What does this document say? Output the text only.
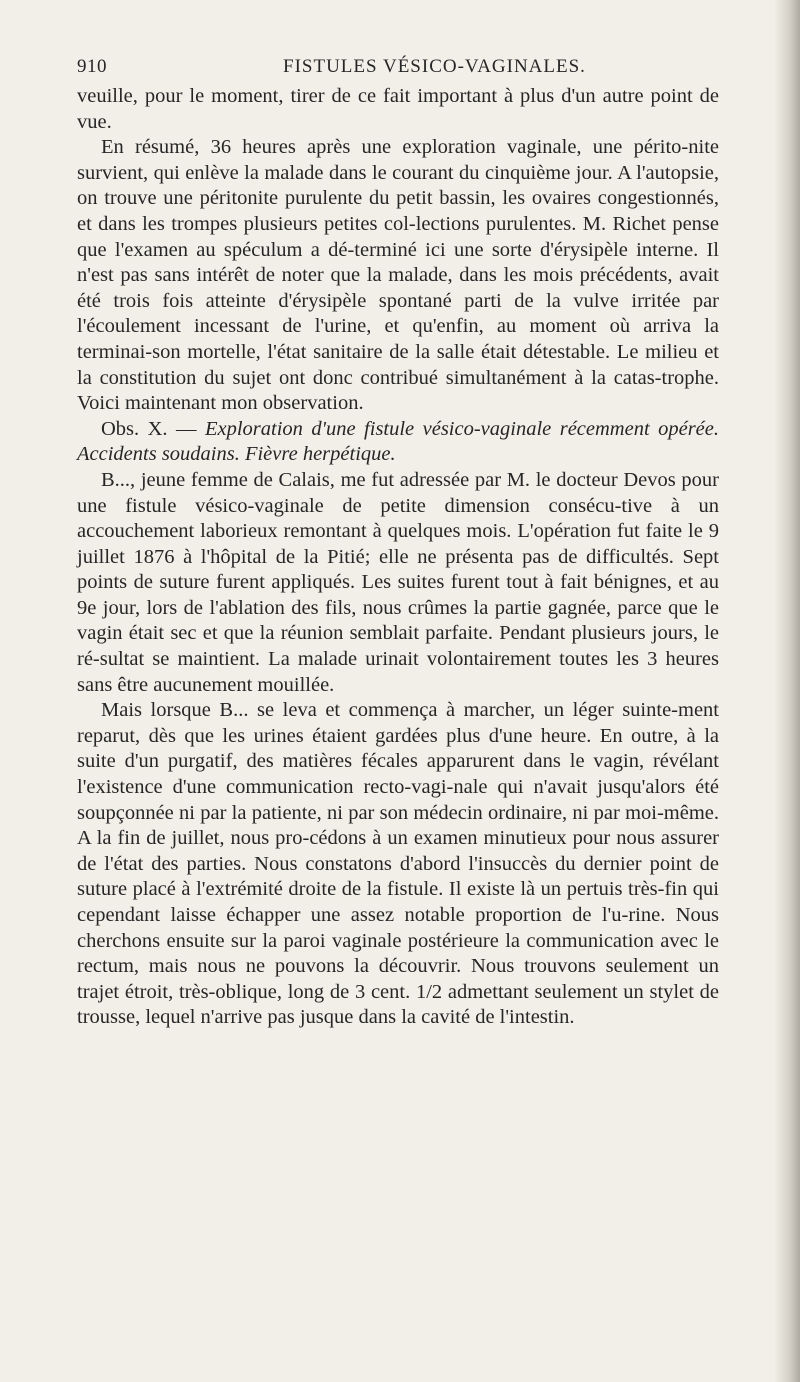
910	FISTULES VÉSICO-VAGINALES.

veuille, pour le moment, tirer de ce fait important à plus d'un autre point de vue.

En résumé, 36 heures après une exploration vaginale, une périto-nite survient, qui enlève la malade dans le courant du cinquième jour. A l'autopsie, on trouve une péritonite purulente du petit bassin, les ovaires congestionnés, et dans les trompes plusieurs petites col-lections purulentes. M. Richet pense que l'examen au spéculum a dé-terminé ici une sorte d'érysipèle interne. Il n'est pas sans intérêt de noter que la malade, dans les mois précédents, avait été trois fois atteinte d'érysipèle spontané parti de la vulve irritée par l'écoulement incessant de l'urine, et qu'enfin, au moment où arriva la terminai-son mortelle, l'état sanitaire de la salle était détestable. Le milieu et la constitution du sujet ont donc contribué simultanément à la catas-trophe. Voici maintenant mon observation.

Obs. X. — Exploration d'une fistule vésico-vaginale récemment opérée. Accidents soudains. Fièvre herpétique.

B..., jeune femme de Calais, me fut adressée par M. le docteur Devos pour une fistule vésico-vaginale de petite dimension consécu-tive à un accouchement laborieux remontant à quelques mois. L'opération fut faite le 9 juillet 1876 à l'hôpital de la Pitié; elle ne présenta pas de difficultés. Sept points de suture furent appliqués. Les suites furent tout à fait bénignes, et au 9e jour, lors de l'ablation des fils, nous crûmes la partie gagnée, parce que le vagin était sec et que la réunion semblait parfaite. Pendant plusieurs jours, le ré-sultat se maintient. La malade urinait volontairement toutes les 3 heures sans être aucunement mouillée.

Mais lorsque B... se leva et commença à marcher, un léger suinte-ment reparut, dès que les urines étaient gardées plus d'une heure. En outre, à la suite d'un purgatif, des matières fécales apparurent dans le vagin, révélant l'existence d'une communication recto-vagi-nale qui n'avait jusqu'alors été soupçonnée ni par la patiente, ni par son médecin ordinaire, ni par moi-même. A la fin de juillet, nous pro-cédons à un examen minutieux pour nous assurer de l'état des parties. Nous constatons d'abord l'insuccès du dernier point de suture placé à l'extrémité droite de la fistule. Il existe là un pertuis très-fin qui cependant laisse échapper une assez notable proportion de l'u-rine. Nous cherchons ensuite sur la paroi vaginale postérieure la communication avec le rectum, mais nous ne pouvons la découvrir. Nous trouvons seulement un trajet étroit, très-oblique, long de 3 cent. 1/2 admettant seulement un stylet de trousse, lequel n'arrive pas jusque dans la cavité de l'intestin.
